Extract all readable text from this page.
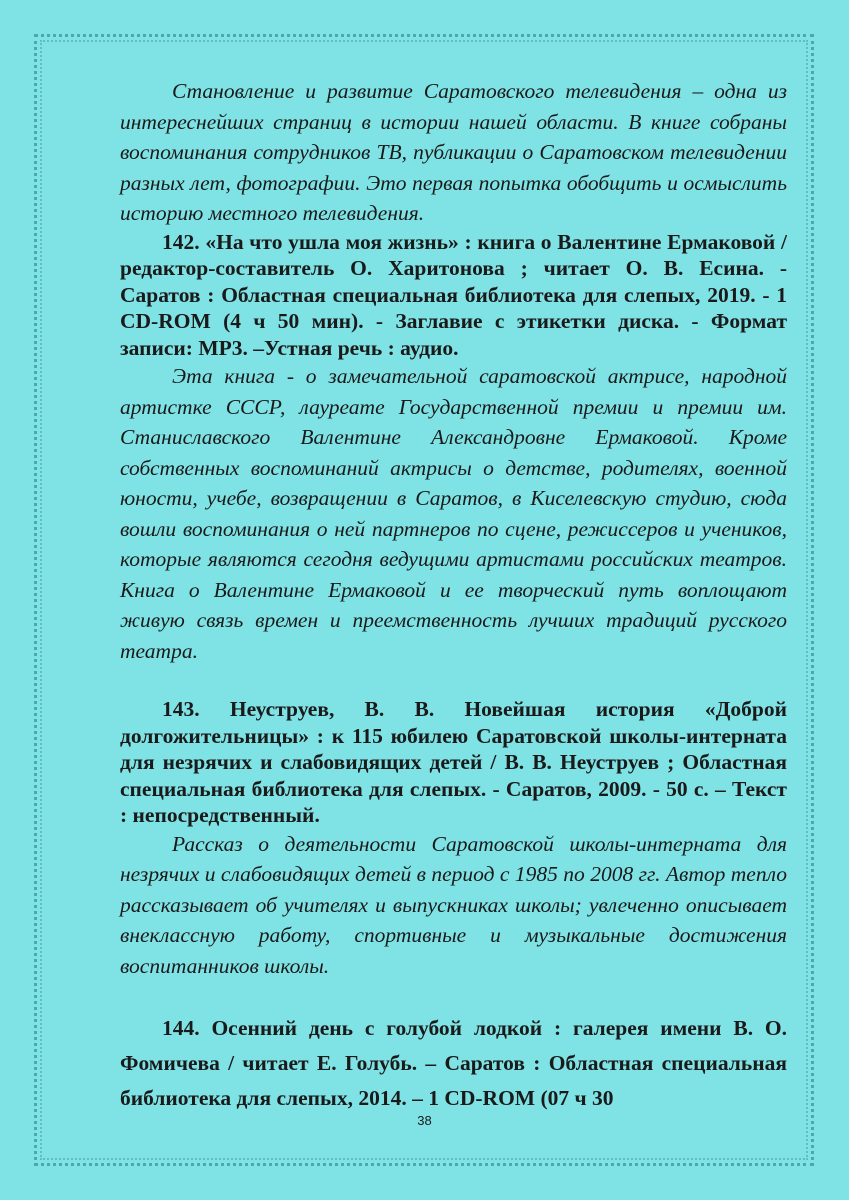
Становление и развитие Саратовского телевидения – одна из интереснейших страниц в истории нашей области. В книге собраны воспоминания сотрудников ТВ, публикации о Саратовском телевидении разных лет, фотографии. Это первая попытка обобщить и осмыслить историю местного телевидения.

142. «На что ушла моя жизнь» : книга о Валентине Ермаковой / редактор-составитель О. Харитонова ; читает О. В. Есина. - Саратов : Областная специальная библиотека для слепых, 2019. - 1 CD-ROM (4 ч 50 мин). - Заглавие с этикетки диска. - Формат записи: MP3. –Устная речь : аудио.

Эта книга - о замечательной саратовской актрисе, народной артистке СССР, лауреате Государственной премии и премии им. Станиславского Валентине Александровне Ермаковой. Кроме собственных воспоминаний актрисы о детстве, родителях, военной юности, учебе, возвращении в Саратов, в Киселевскую студию, сюда вошли воспоминания о ней партнеров по сцене, режиссеров и учеников, которые являются сегодня ведущими артистами российских театров. Книга о Валентине Ермаковой и ее творческий путь воплощают живую связь времен и преемственность лучших традиций русского театра.

143. Неуструев, В. В. Новейшая история «Доброй долгожительницы» : к 115 юбилею Саратовской школы-интерната для незрячих и слабовидящих детей / В. В. Неуструев ; Областная специальная библиотека для слепых. - Саратов, 2009. - 50 с. – Текст : непосредственный.

Рассказ о деятельности Саратовской школы-интерната для незрячих и слабовидящих детей в период с 1985 по 2008 гг. Автор тепло рассказывает об учителях и выпускниках школы; увлеченно описывает внеклассную работу, спортивные и музыкальные достижения воспитанников школы.

144. Осенний день с голубой лодкой : галерея имени В. О. Фомичева / читает Е. Голубь. – Саратов : Областная специальная библиотека для слепых, 2014. – 1 CD-ROM (07 ч 30

38
